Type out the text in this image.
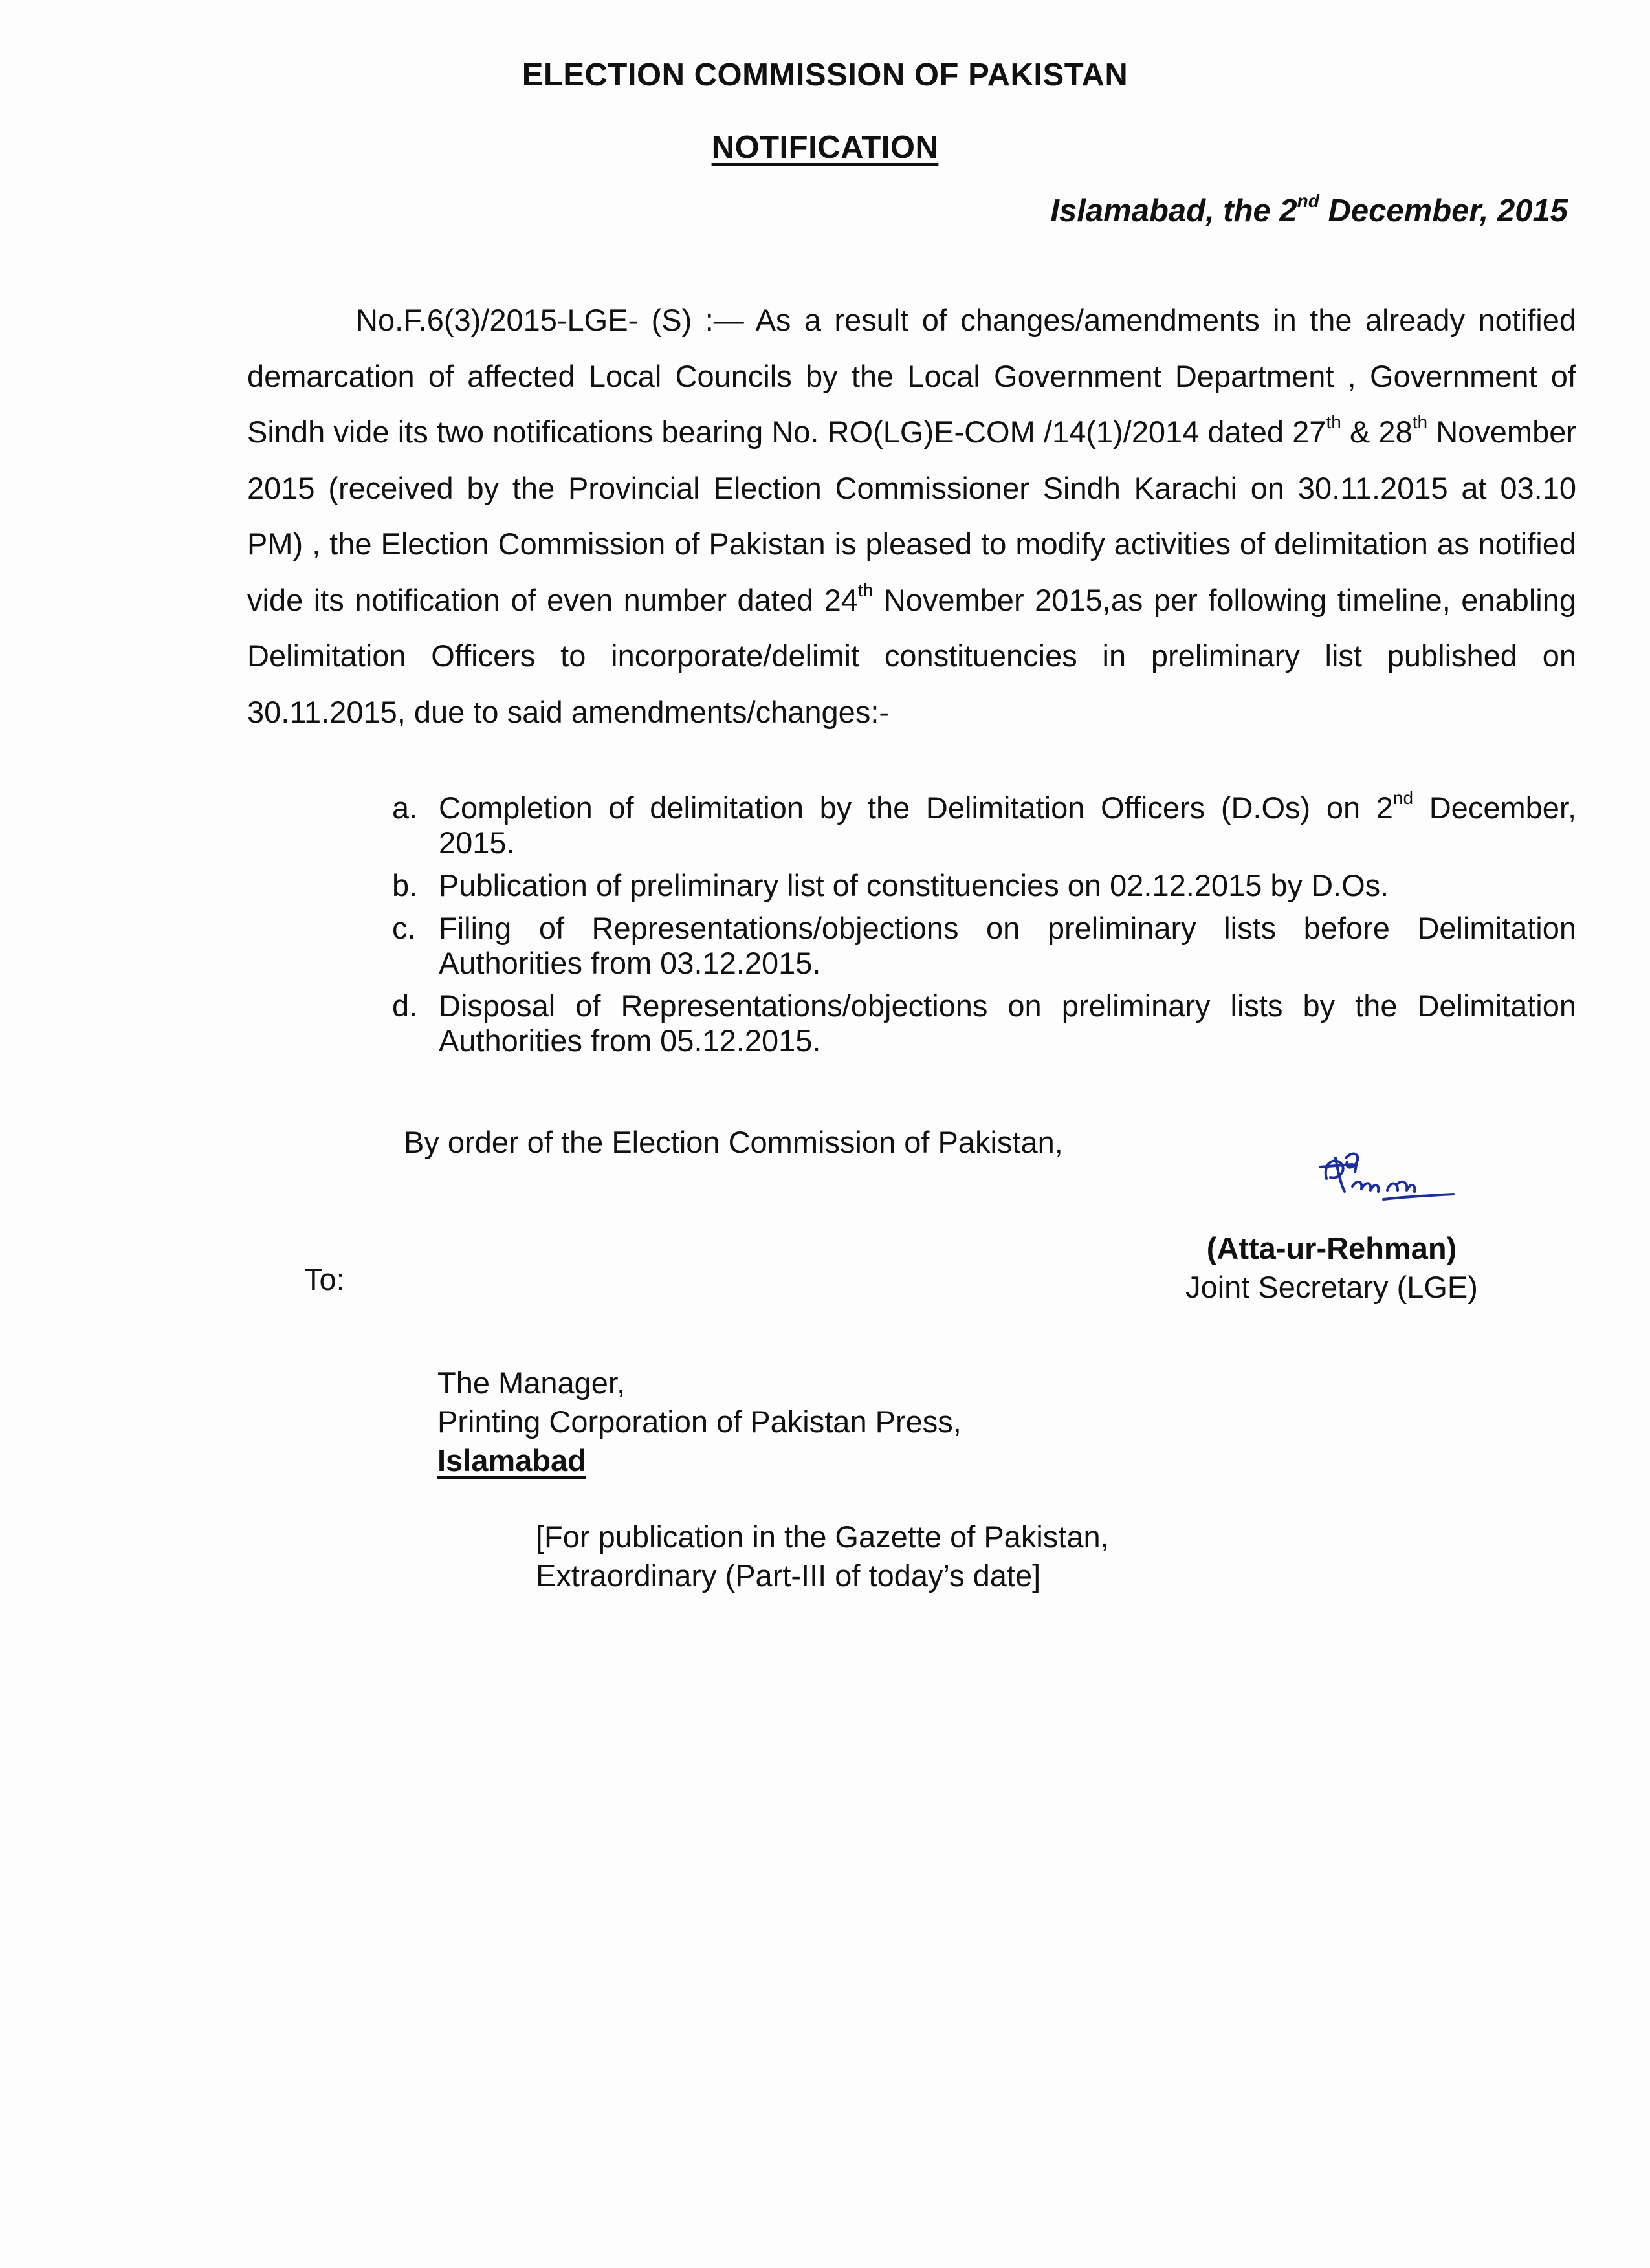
ELECTION COMMISSION OF PAKISTAN
NOTIFICATION
Islamabad, the 2nd December, 2015
No.F.6(3)/2015-LGE- (S) :— As a result of changes/amendments in the already notified demarcation of affected Local Councils by the Local Government Department , Government of Sindh vide its two notifications bearing No. RO(LG)E-COM /14(1)/2014 dated 27th & 28th November 2015 (received by the Provincial Election Commissioner Sindh Karachi on 30.11.2015 at 03.10 PM) , the Election Commission of Pakistan is pleased to modify activities of delimitation as notified vide its notification of even number dated 24th November 2015,as per following timeline, enabling Delimitation Officers to incorporate/delimit constituencies in preliminary list published on 30.11.2015, due to said amendments/changes:-
a. Completion of delimitation by the Delimitation Officers (D.Os) on 2nd December, 2015.
b. Publication of preliminary list of constituencies on 02.12.2015 by D.Os.
c. Filing of Representations/objections on preliminary lists before Delimitation Authorities from 03.12.2015.
d. Disposal of Representations/objections on preliminary lists by the Delimitation Authorities from 05.12.2015.
By order of the Election Commission of Pakistan,
(Atta-ur-Rehman)
Joint Secretary (LGE)
To:
The Manager,
Printing Corporation of Pakistan Press,
Islamabad
[For publication in the Gazette of Pakistan,
Extraordinary (Part-III of today’s date]
